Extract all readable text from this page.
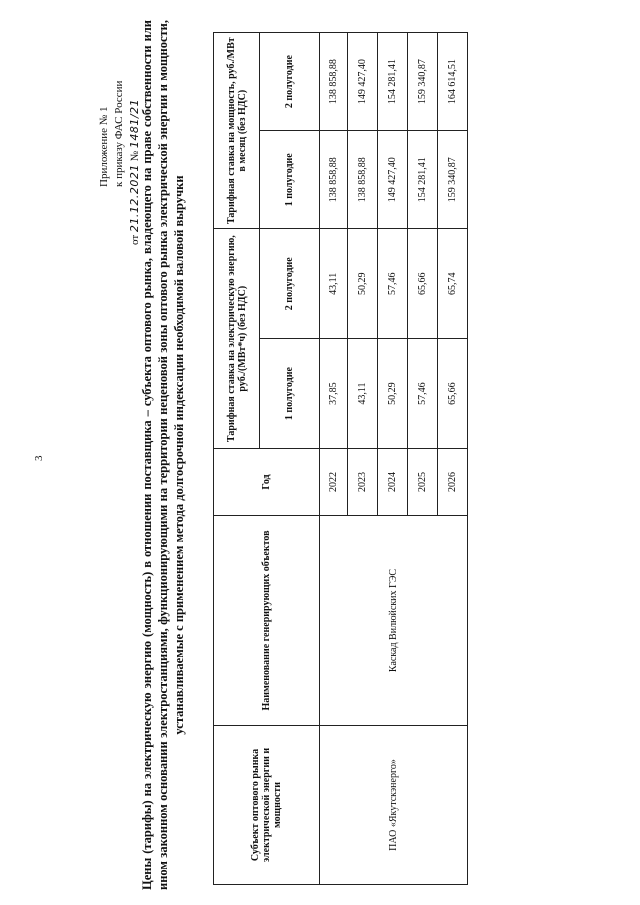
3
Приложение № 1 к приказу ФАС России
от 21.12.2021 № 1481/21 Цены (тарифы) на электрическую энергию (мощность) в отношении поставщика – субъекта оптового рынка, владеющего на праве собственности или ином законном основании электростанциями, функционирующими на территории неценовой зоны оптового рынка электрической энергии и мощности, устанавливаемые с применением метода долгосрочной индексации необходимой валовой выручки
Субъект оптового рынка электрической энергии и мощности	Наименование генерирующих объектов	Год	Тарифная ставка на электрическую энергию, руб./(МВт*ч) (без НДС)		Тарифная ставка на мощность, руб./МВт в месяц (без НДС)	
			1 полугодие	2 полугодие	1 полугодие	2 полугодие
ПАО «Якутскэнерго»	Каскад Вилюйских ГЭС	2022	37,85	43,11	138 858,88	138 858,88
		2023	43,11	50,29	138 858,88	149 427,40
		2024	50,29	57,46	149 427,40	154 281,41
		2025	57,46	65,66	154 281,41	159 340,87
		2026	65,66	65,74	159 340,87	164 614,51
